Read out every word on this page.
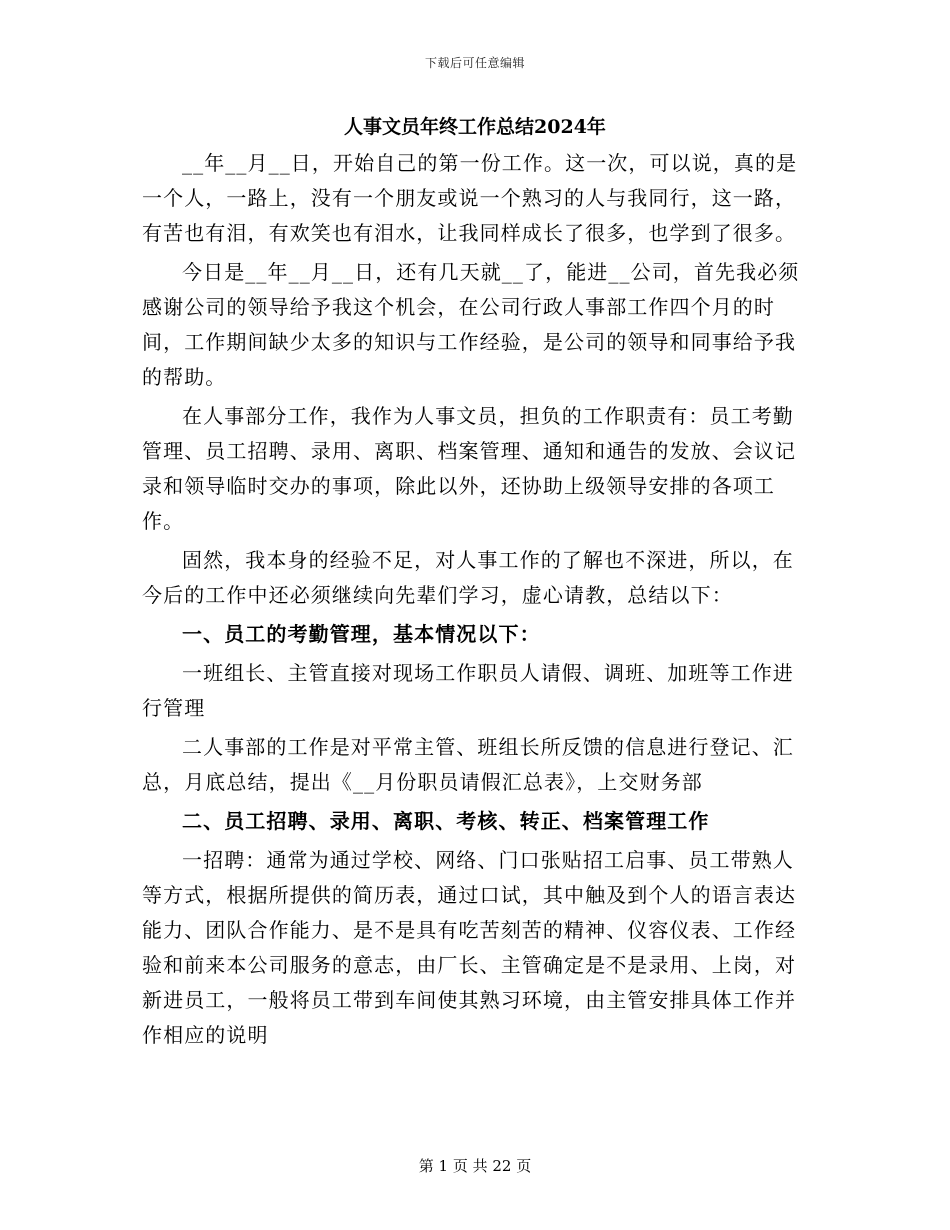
下载后可任意编辑
人事文员年终工作总结2024年

__年__月__日，开始自己的第一份工作。这一次，可以说，真的是一个人，一路上，没有一个朋友或说一个熟习的人与我同行，这一路，有苦也有泪，有欢笑也有泪水，让我同样成长了很多，也学到了很多。

今日是__年__月__日，还有几天就__了，能进__公司，首先我必须感谢公司的领导给予我这个机会，在公司行政人事部工作四个月的时间，工作期间缺少太多的知识与工作经验，是公司的领导和同事给予我的帮助。

在人事部分工作，我作为人事文员，担负的工作职责有：员工考勤管理、员工招聘、录用、离职、档案管理、通知和通告的发放、会议记录和领导临时交办的事项，除此以外，还协助上级领导安排的各项工作。

固然，我本身的经验不足，对人事工作的了解也不深进，所以，在今后的工作中还必须继续向先辈们学习，虚心请教，总结以下：

一、员工的考勤管理，基本情况以下：

一班组长、主管直接对现场工作职员人请假、调班、加班等工作进行管理

二人事部的工作是对平常主管、班组长所反馈的信息进行登记、汇总，月底总结，提出《__月份职员请假汇总表》，上交财务部

二、员工招聘、录用、离职、考核、转正、档案管理工作

一招聘：通常为通过学校、网络、门口张贴招工启事、员工带熟人等方式，根据所提供的简历表，通过口试，其中触及到个人的语言表达能力、团队合作能力、是不是具有吃苦刻苦的精神、仪容仪表、工作经验和前来本公司服务的意志，由厂长、主管确定是不是录用、上岗，对新进员工，一般将员工带到车间使其熟习环境，由主管安排具体工作并作相应的说明

第 1 页 共 22 页
